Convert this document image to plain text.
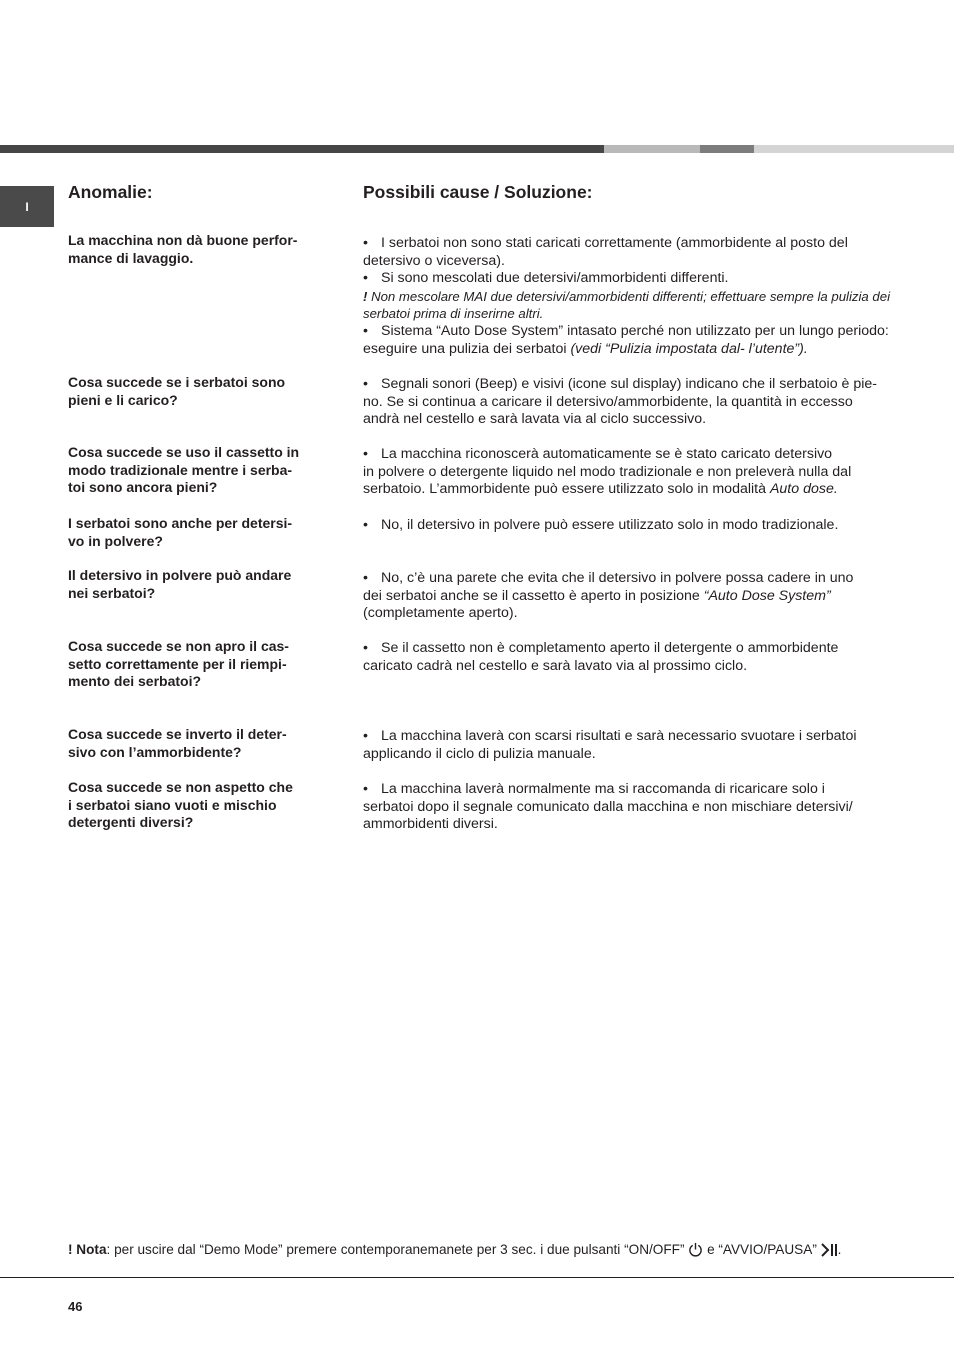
I
Anomalie:	Possibili cause / Soluzione:
La macchina non dà buone perfor-
mance di lavaggio.

• I serbatoi non sono stati caricati correttamente (ammorbidente al posto del detersivo o viceversa).

• Si sono mescolati due detersivi/ammorbidenti differenti.

! Non mescolare MAI due detersivi/ammorbidenti differenti; effettuare sempre la pulizia dei serbatoi prima di inserirne altri.

• Sistema “Auto Dose System” intasato perché non utilizzato per un lungo periodo: eseguire una pulizia dei serbatoi (vedi “Pulizia impostata dal- l’utente”).

Cosa succede se i serbatoi sono
pieni e li carico?

• Segnali sonori (Beep) e visivi (icone sul display) indicano che il serbatoio è pie-

no. Se si continua a caricare il detersivo/ammorbidente, la quantità in eccesso

andrà nel cestello e sarà lavata via al ciclo successivo.

Cosa succede se uso il cassetto in
modo tradizionale mentre i serba-
toi sono ancora pieni?

• La macchina riconoscerà automaticamente se è stato caricato detersivo

in polvere o detergente liquido nel modo tradizionale e non preleverà nulla dal

serbatoio. L’ammorbidente può essere utilizzato solo in modalità Auto dose.

I serbatoi sono anche per detersi-
vo in polvere?

• No, il detersivo in polvere può essere utilizzato solo in modo tradizionale.

Il detersivo in polvere può andare
nei serbatoi?

• No, c’è una parete che evita che il detersivo in polvere possa cadere in uno

dei serbatoi anche se il cassetto è aperto in posizione “Auto Dose System”

(completamente aperto).

Cosa succede se non apro il cas-
setto correttamente per il riempi-
mento dei serbatoi?

• Se il cassetto non è completamento aperto il detergente o ammorbidente

caricato cadrà nel cestello e sarà lavato via al prossimo ciclo.

Cosa succede se inverto il deter-
sivo con l’ammorbidente?

• La macchina laverà con scarsi risultati e sarà necessario svuotare i serbatoi

applicando il ciclo di pulizia manuale.

Cosa succede se non aspetto che
i serbatoi siano vuoti e mischio
detergenti diversi?

• La macchina laverà normalmente ma si raccomanda di ricaricare solo i

serbatoi dopo il segnale comunicato dalla macchina e non mischiare detersivi/

ammorbidenti diversi.

! Nota: per uscire dal “Demo Mode” premere contemporanemanete per 3 sec. i due pulsanti “ON/OFF” e “AVVIO/PAUSA” .
46
